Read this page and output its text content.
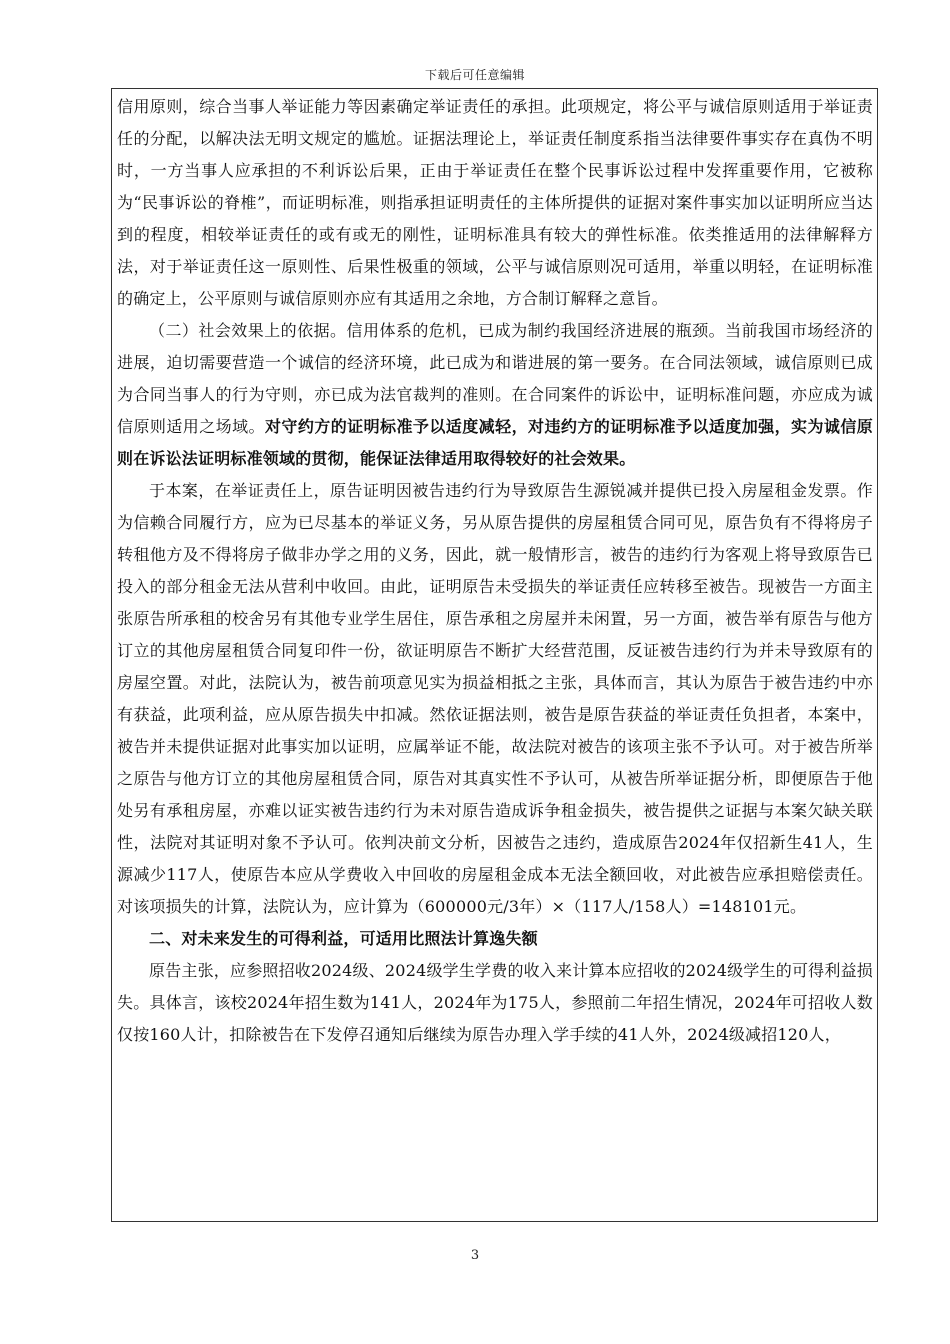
下载后可任意编辑

信用原则，综合当事人举证能力等因素确定举证责任的承担。此项规定，将公平与诚信原则适用于举证责任的分配，以解决法无明文规定的尴尬。证据法理论上，举证责任制度系指当法律要件事实存在真伪不明时，一方当事人应承担的不利诉讼后果，正由于举证责任在整个民事诉讼过程中发挥重要作用，它被称为“民事诉讼的脊椎”，而证明标准，则指承担证明责任的主体所提供的证据对案件事实加以证明所应当达到的程度，相较举证责任的或有或无的刚性，证明标准具有较大的弹性标准。依类推适用的法律解释方法，对于举证责任这一原则性、后果性极重的领域，公平与诚信原则况可适用，举重以明轻，在证明标准的确定上，公平原则与诚信原则亦应有其适用之余地，方合制订解释之意旨。

（二）社会效果上的依据。信用体系的危机，已成为制约我国经济进展的瓶颈。当前我国市场经济的进展，迫切需要营造一个诚信的经济环境，此已成为和谐进展的第一要务。在合同法领域，诚信原则已成为合同当事人的行为守则，亦已成为法官裁判的准则。在合同案件的诉讼中，证明标准问题，亦应成为诚信原则适用之场域。对守约方的证明标准予以适度减轻，对违约方的证明标准予以适度加强，实为诚信原则在诉讼法证明标准领域的贯彻，能保证法律适用取得较好的社会效果。

于本案，在举证责任上，原告证明因被告违约行为导致原告生源锐减并提供已投入房屋租金发票。作为信赖合同履行方，应为已尽基本的举证义务，另从原告提供的房屋租赁合同可见，原告负有不得将房子转租他方及不得将房子做非办学之用的义务，因此，就一般情形言，被告的违约行为客观上将导致原告已投入的部分租金无法从营利中收回。由此，证明原告未受损失的举证责任应转移至被告。现被告一方面主张原告所承租的校舍另有其他专业学生居住，原告承租之房屋并未闲置，另一方面，被告举有原告与他方订立的其他房屋租赁合同复印件一份，欲证明原告不断扩大经营范围，反证被告违约行为并未导致原有的房屋空置。对此，法院认为，被告前项意见实为损益相抵之主张，具体而言，其认为原告于被告违约中亦有获益，此项利益，应从原告损失中扣减。然依证据法则，被告是原告获益的举证责任负担者，本案中，被告并未提供证据对此事实加以证明，应属举证不能，故法院对被告的该项主张不予认可。对于被告所举之原告与他方订立的其他房屋租赁合同，原告对其真实性不予认可，从被告所举证据分析，即便原告于他处另有承租房屋，亦难以证实被告违约行为未对原告造成诉争租金损失，被告提供之证据与本案欠缺关联性，法院对其证明对象不予认可。依判决前文分析，因被告之违约，造成原告2024年仅招新生41人，生源减少117人，使原告本应从学费收入中回收的房屋租金成本无法全额回收，对此被告应承担赔偿责任。对该项损失的计算，法院认为，应计算为（600000元/3年）×（117人/158人）=148101元。

二、对未来发生的可得利益，可适用比照法计算逸失额

原告主张，应参照招收2024级、2024级学生学费的收入来计算本应招收的2024级学生的可得利益损失。具体言，该校2024年招生数为141人，2024年为175人，参照前二年招生情况，2024年可招收人数仅按160人计，扣除被告在下发停召通知后继续为原告办理入学手续的41人外，2024级减招120人，

3
